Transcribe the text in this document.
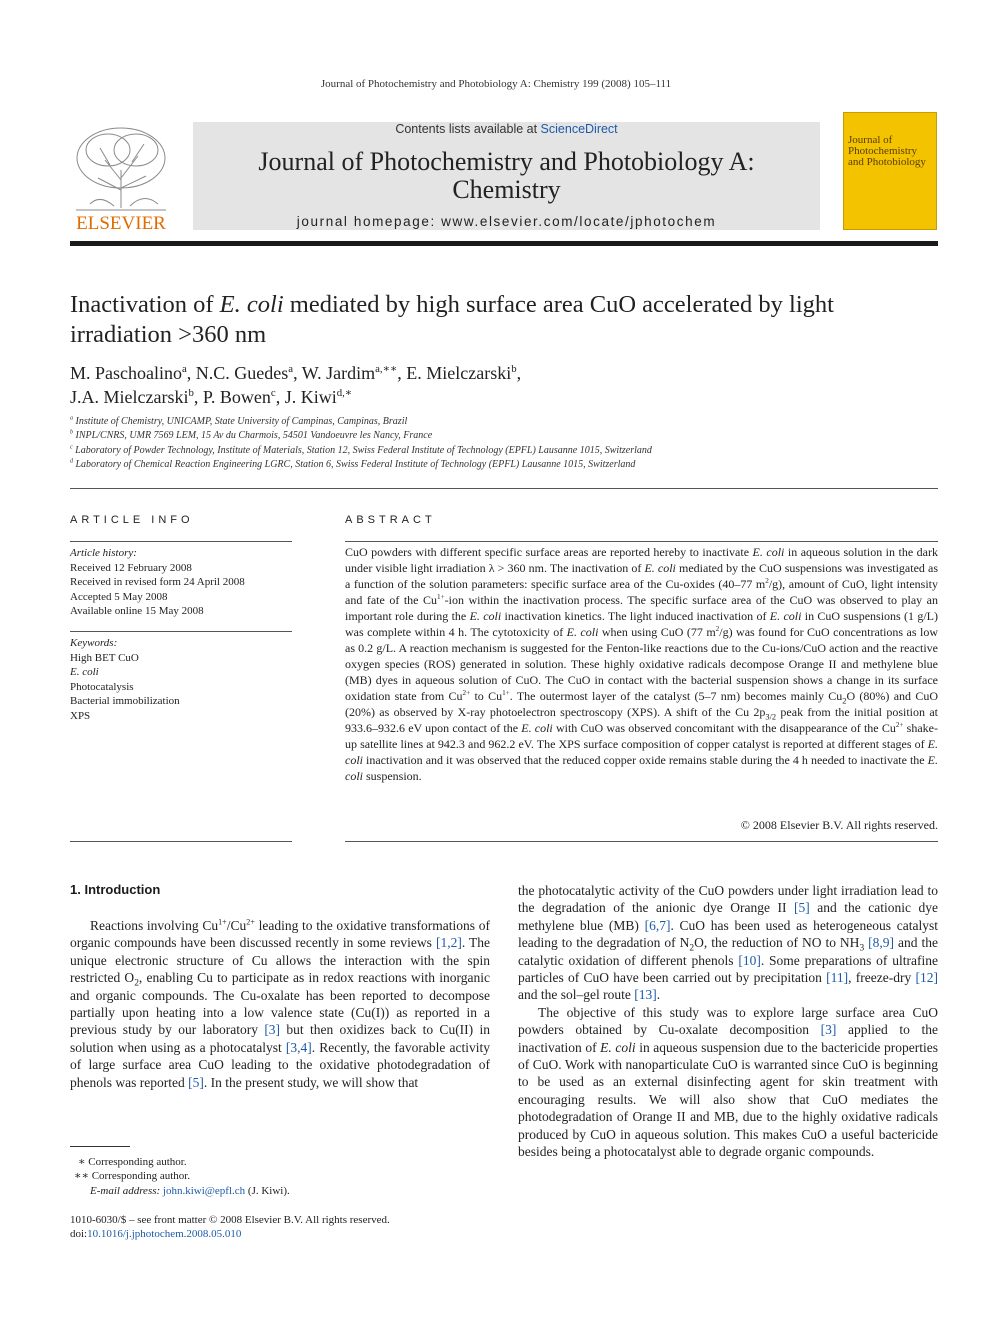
Journal of Photochemistry and Photobiology A: Chemistry 199 (2008) 105–111
ELSEVIER
Contents lists available at ScienceDirect
Journal of Photochemistry and Photobiology A:
Chemistry
journal homepage: www.elsevier.com/locate/jphotochem
Journal of Photochemistry and Photobiology
Inactivation of E. coli mediated by high surface area CuO accelerated by light irradiation >360 nm
M. Paschoalino$^a$, N.C. Guedes$^a$, W. Jardim$^{a,∗∗}$, E. Mielczarski$^b$,
J.A. Mielczarski$^b$, P. Bowen$^c$, J. Kiwi$^{d,∗}$
$^a$ Institute of Chemistry, UNICAMP, State University of Campinas, Campinas, Brazil
$^b$ INPL/CNRS, UMR 7569 LEM, 15 Av du Charmois, 54501 Vandoeuvre les Nancy, France
$^c$ Laboratory of Powder Technology, Institute of Materials, Station 12, Swiss Federal Institute of Technology (EPFL) Lausanne 1015, Switzerland
$^d$ Laboratory of Chemical Reaction Engineering LGRC, Station 6, Swiss Federal Institute of Technology (EPFL) Lausanne 1015, Switzerland
ARTICLE INFO
Article history:
Received 12 February 2008
Received in revised form 24 April 2008
Accepted 5 May 2008
Available online 15 May 2008
Keywords:
High BET CuO
E. coli
Photocatalysis
Bacterial immobilization
XPS
ABSTRACT
CuO powders with different specific surface areas are reported hereby to inactivate E. coli in aqueous solution in the dark under visible light irradiation λ > 360 nm. The inactivation of E. coli mediated by the CuO suspensions was investigated as a function of the solution parameters: specific surface area of the Cu-oxides (40–77 $m^2/g$), amount of CuO, light intensity and fate of the $Cu^{1+}$-ion within the inactivation process. The specific surface area of the CuO was observed to play an important role during the E. coli inactivation kinetics. The light induced inactivation of E. coli in CuO suspensions (1 g/L) was complete within 4 h. The cytotoxicity of E. coli when using CuO (77 $m^2/g$) was found for CuO concentrations as low as 0.2 g/L. A reaction mechanism is suggested for the Fenton-like reactions due to the Cu-ions/CuO action and the reactive oxygen species (ROS) generated in solution. These highly oxidative radicals decompose Orange II and methylene blue (MB) dyes in aqueous solution of CuO. The CuO in contact with the bacterial suspension shows a change in its surface oxidation state from $Cu^{2+}$ to $Cu^{1+}$. The outermost layer of the catalyst (5–7 nm) becomes mainly $Cu_2O$ (80%) and CuO (20%) as observed by X-ray photoelectron spectroscopy (XPS). A shift of the Cu $2p_{3/2}$ peak from the initial position at 933.6–932.6 eV upon contact of the E. coli with CuO was observed concomitant with the disappearance of the $Cu^{2+}$ shake-up satellite lines at 942.3 and 962.2 eV. The XPS surface composition of copper catalyst is reported at different stages of E. coli inactivation and it was observed that the reduced copper oxide remains stable during the 4 h needed to inactivate the E. coli suspension.
© 2008 Elsevier B.V. All rights reserved.
1. Introduction

Reactions involving $Cu^{1+}/Cu^{2+}$ leading to the oxidative transformations of organic compounds have been discussed recently in some reviews [1,2]. The unique electronic structure of Cu allows the interaction with the spin restricted $O_2$, enabling Cu to participate as in redox reactions with inorganic and organic compounds. The Cu-oxalate has been reported to decompose partially upon heating into a low valence state (Cu(I)) as reported in a previous study by our laboratory [3] but then oxidizes back to Cu(II) in solution when using as a photocatalyst [3,4]. Recently, the favorable activity of large surface area CuO leading to the oxidative photodegradation of phenols was reported [5]. In the present study, we will show that

the photocatalytic activity of the CuO powders under light irradiation lead to the degradation of the anionic dye Orange II [5] and the cationic dye methylene blue (MB) [6,7]. CuO has been used as heterogeneous catalyst leading to the degradation of $N_2O$, the reduction of NO to $NH_3$ [8,9] and the catalytic oxidation of different phenols [10]. Some preparations of ultrafine particles of CuO have been carried out by precipitation [11], freeze-dry [12] and the sol–gel route [13].

The objective of this study was to explore large surface area CuO powders obtained by Cu-oxalate decomposition [3] applied to the inactivation of E. coli in aqueous suspension due to the bactericide properties of CuO. Work with nanoparticulate CuO is warranted since CuO is beginning to be used as an external disinfecting agent for skin treatment with encouraging results. We will also show that CuO mediates the photodegradation of Orange II and MB, due to the highly oxidative radicals produced by CuO in aqueous solution. This makes CuO a useful bactericide besides being a photocatalyst able to degrade organic compounds.

∗ Corresponding author.
∗∗ Corresponding author.
E-mail address: john.kiwi@epfl.ch (J. Kiwi).
1010-6030/$ – see front matter © 2008 Elsevier B.V. All rights reserved.
doi:10.1016/j.jphotochem.2008.05.010
